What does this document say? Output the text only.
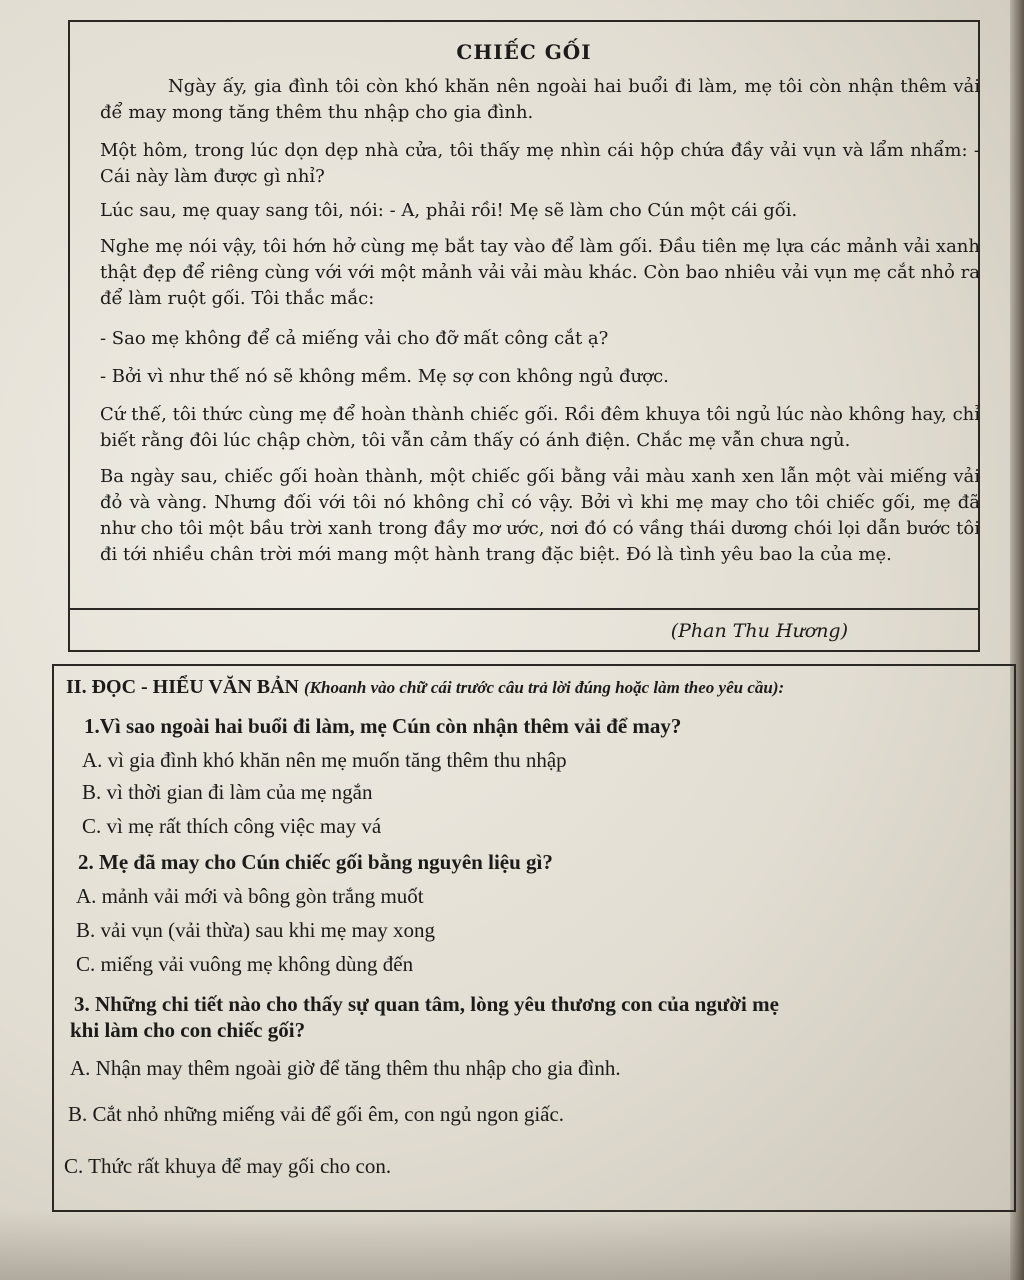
CHIẾC GỐI
Ngày ấy, gia đình tôi còn khó khăn nên ngoài hai buổi đi làm, mẹ tôi còn nhận thêm vải để may mong tăng thêm thu nhập cho gia đình.
Một hôm, trong lúc dọn dẹp nhà cửa, tôi thấy mẹ nhìn cái hộp chứa đầy vải vụn và lẩm nhẩm: - Cái này làm được gì nhỉ?
Lúc sau, mẹ quay sang tôi, nói: - A, phải rồi! Mẹ sẽ làm cho Cún một cái gối.
Nghe mẹ nói vậy, tôi hớn hở cùng mẹ bắt tay vào để làm gối. Đầu tiên mẹ lựa các mảnh vải xanh thật đẹp để riêng cùng với với một mảnh vải vải màu khác. Còn bao nhiêu vải vụn mẹ cắt nhỏ ra để làm ruột gối. Tôi thắc mắc:
- Sao mẹ không để cả miếng vải cho đỡ mất công cắt ạ?
- Bởi vì như thế nó sẽ không mềm. Mẹ sợ con không ngủ được.
Cứ thế, tôi thức cùng mẹ để hoàn thành chiếc gối. Rồi đêm khuya tôi ngủ lúc nào không hay, chỉ biết rằng đôi lúc chập chờn, tôi vẫn cảm thấy có ánh điện. Chắc mẹ vẫn chưa ngủ.
Ba ngày sau, chiếc gối hoàn thành, một chiếc gối bằng vải màu xanh xen lẫn một vài miếng vải đỏ và vàng. Nhưng đối với tôi nó không chỉ có vậy. Bởi vì khi mẹ may cho tôi chiếc gối, mẹ đã như cho tôi một bầu trời xanh trong đầy mơ ước, nơi đó có vầng thái dương chói lọi dẫn bước tôi đi tới nhiều chân trời mới mang một hành trang đặc biệt. Đó là tình yêu bao la của mẹ.
(Phan Thu Hương)
II. ĐỌC - HIỂU VĂN BẢN (Khoanh vào chữ cái trước câu trả lời đúng hoặc làm theo yêu cầu):
1.Vì sao ngoài hai buổi đi làm, mẹ Cún còn nhận thêm vải để may?
A. vì gia đình khó khăn nên mẹ muốn tăng thêm thu nhập
B. vì thời gian đi làm của mẹ ngắn
C. vì mẹ rất thích công việc may vá
2. Mẹ đã may cho Cún chiếc gối bằng nguyên liệu gì?
A. mảnh vải mới và bông gòn trắng muốt
B. vải vụn (vải thừa) sau khi mẹ may xong
C. miếng vải vuông mẹ không dùng đến
3. Những chi tiết nào cho thấy sự quan tâm, lòng yêu thương con của người mẹ
khi làm cho con chiếc gối?
A. Nhận may thêm ngoài giờ để tăng thêm thu nhập cho gia đình.
B. Cắt nhỏ những miếng vải để gối êm, con ngủ ngon giấc.
C. Thức rất khuya để may gối cho con.
